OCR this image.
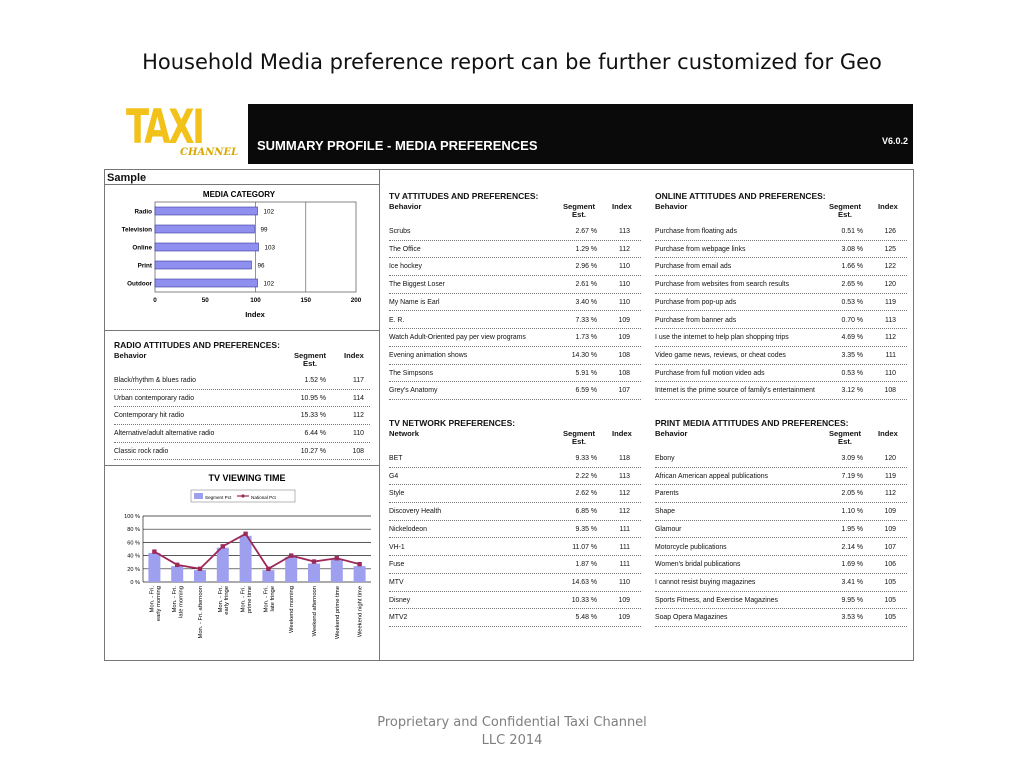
Household Media preference report can be further customized for Geo
TAXI
CHANNEL SUMMARY PROFILE - MEDIA PREFERENCES	V6.0.2
Sample
MEDIA CATEGORY
Radio	102
Television	99
Online	103
Print	96
Outdoor	102
0	50	100	150	200
Index
RADIO ATTITUDES AND PREFERENCES:
Behavior	Segment Est.
Index
Black/rhythm & blues radio	1.52 %	117
Urban contemporary radio	10.95 %	114
Contemporary hit radio	15.33 %	112
Alternative/adult alternative radio	6.44 %	110
Classic rock radio	10.27 %	108
TV VIEWING TIME
Segment Pct	National Pct
0 %
20 %
40 %
60 %
80 %
100 %
Mon. - Fri.early morning Mon. - Fri.late morning Mon. - Fri. afternoon Mon. - Fri.early fringe Mon. - Fri.prime time Mon. - Fri.late fringe Weekend morning	Weekend afternoon	Weekend prime time	Weekend night time
TV ATTITUDES AND PREFERENCES:
Behavior	Segment Est.
Index
Scrubs	2.67 %	113
The Office	1.29 %	112
Ice hockey	2.96 %	110
The Biggest Loser	2.61 %	110
My Name is Earl	3.40 %	110
E. R.	7.33 %	109
Watch Adult-Oriented pay per view programs	1.73 %	109
Evening animation shows	14.30 %	108
The Simpsons	5.91 %	108
Grey's Anatomy	6.59 %	107
ONLINE ATTITUDES AND PREFERENCES:
Behavior	Segment Est.
Index
Purchase from floating ads	0.51 %	126
Purchase from webpage links	3.08 %	125
Purchase from email ads	1.66 %	122
Purchase from websites from search results	2.65 %	120
Purchase from pop-up ads	0.53 %	119
Purchase from banner ads	0.70 %	113
I use the internet to help plan shopping trips	4.69 %	112
Video game news, reviews, or cheat codes	3.35 %	111
Purchase from full motion video ads	0.53 %	110
Internet is the prime source of family's entertainment	3.12 %	108
TV NETWORK PREFERENCES:
Network	Segment Est.
Index
BET	9.33 %	118
G4	2.22 %	113
Style	2.62 %	112
Discovery Health	6.85 %	112
Nickelodeon	9.35 %	111
VH-1	11.07 %	111
Fuse	1.87 %	111
MTV	14.63 %	110
Disney	10.33 %	109
MTV2	5.48 %	109
PRINT MEDIA ATTITUDES AND PREFERENCES:
Behavior	Segment Est.
Index
Ebony	3.09 %	120
African American appeal publications	7.19 %	119
Parents	2.05 %	112
Shape	1.10 %	109
Glamour	1.95 %	109
Motorcycle publications	2.14 %	107
Women's bridal publications	1.69 %	106
I cannot resist buying magazines	3.41 %	105
Sports Fitness, and Exercise Magazines	9.95 %	105
Soap Opera Magazines	3.53 %	105
Proprietary and Confidential Taxi Channel
LLC 2014
